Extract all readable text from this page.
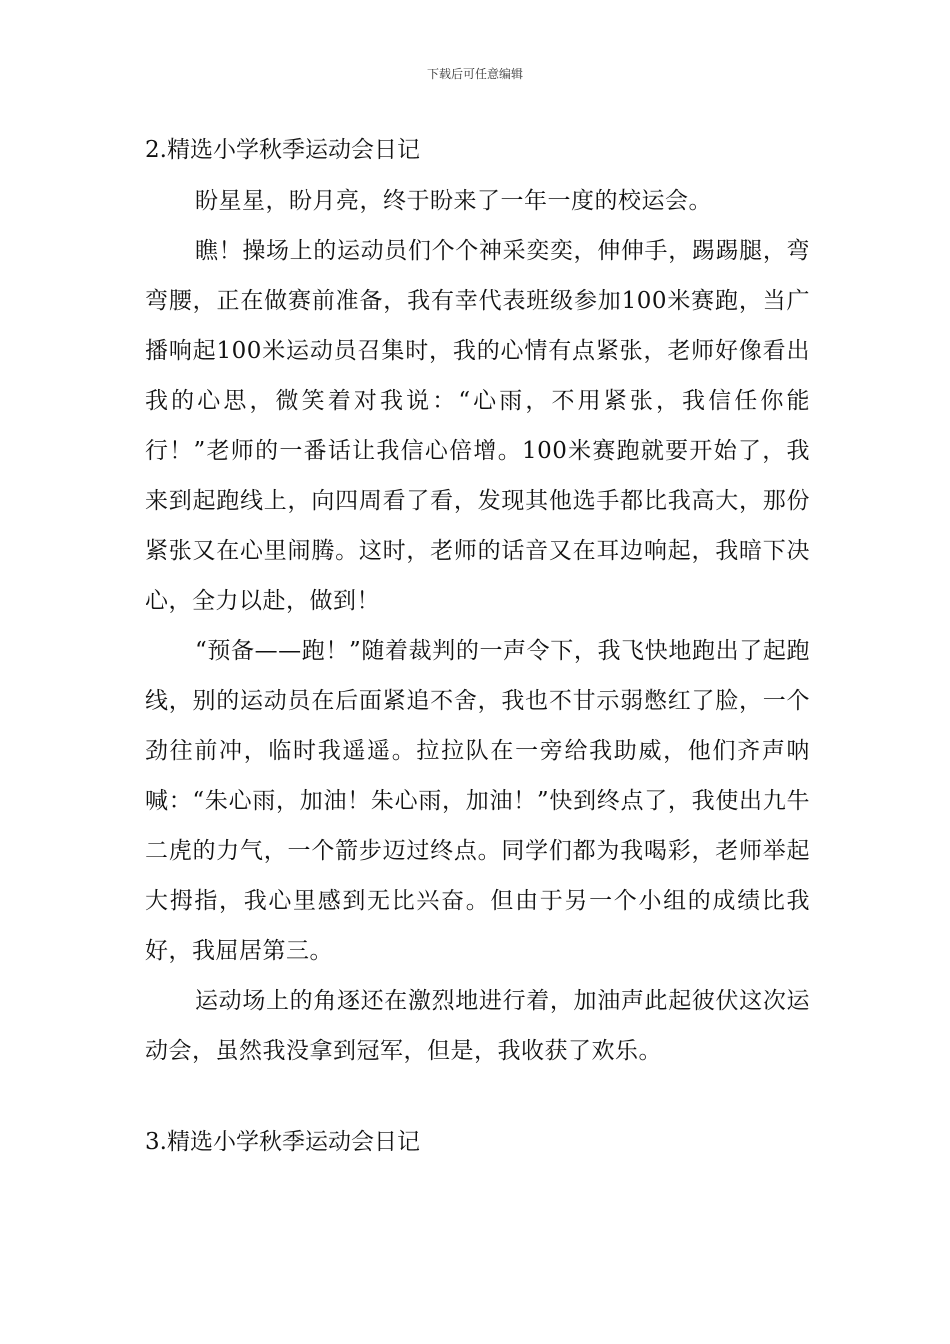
下载后可任意编辑
2.精选小学秋季运动会日记

盼星星，盼月亮，终于盼来了一年一度的校运会。

瞧！操场上的运动员们个个神采奕奕，伸伸手，踢踢腿，弯弯腰，正在做赛前准备，我有幸代表班级参加100米赛跑，当广播响起100米运动员召集时，我的心情有点紧张，老师好像看出我的心思，微笑着对我说：“心雨，不用紧张，我信任你能行！”老师的一番话让我信心倍增。100米赛跑就要开始了，我来到起跑线上，向四周看了看，发现其他选手都比我高大，那份紧张又在心里闹腾。这时，老师的话音又在耳边响起，我暗下决心，全力以赴，做到！

“预备——跑！”随着裁判的一声令下，我飞快地跑出了起跑线，别的运动员在后面紧追不舍，我也不甘示弱憋红了脸，一个劲往前冲，临时我遥遥。拉拉队在一旁给我助威，他们齐声呐喊：“朱心雨，加油！朱心雨，加油！”快到终点了，我使出九牛二虎的力气，一个箭步迈过终点。同学们都为我喝彩，老师举起大拇指，我心里感到无比兴奋。但由于另一个小组的成绩比我好，我屈居第三。

运动场上的角逐还在激烈地进行着，加油声此起彼伏这次运动会，虽然我没拿到冠军，但是，我收获了欢乐。

3.精选小学秋季运动会日记
